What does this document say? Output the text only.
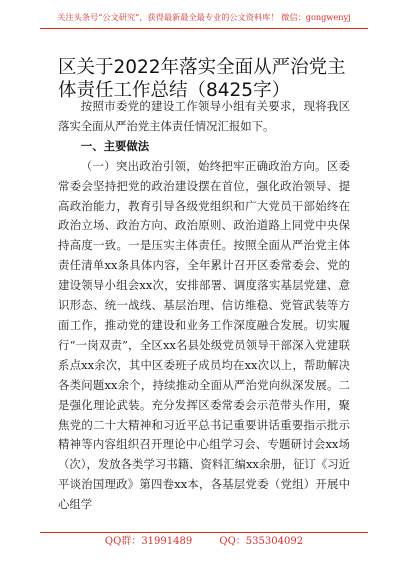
关注头条号“公文研究”，获得最新最全最专业的公文资料库！ 微信：gongwenyj
区关于2022年落实全面从严治党主体责任工作总结（8425字）

按照市委党的建设工作领导小组有关要求，现将我区落实全面从严治党主体责任情况汇报如下。

一、主要做法

（一）突出政治引领，始终把牢正确政治方向。区委常委会坚持把党的政治建设摆在首位，强化政治领导、提高政治能力，教育引导各级党组织和广大党员干部始终在政治立场、政治方向、政治原则、政治道路上同党中央保持高度一致。一是压实主体责任。按照全面从严治党主体责任清单xx条具体内容，全年累计召开区委常委会、党的建设领导小组会xx次，安排部署、调度落实基层党建、意识形态、统一战线、基层治理、信访维稳、党管武装等方面工作，推动党的建设和业务工作深度融合发展。切实履行“一岗双责”，全区xx名县处级党员领导干部深入党建联系点xx余次，其中区委班子成员均在xx次以上，帮助解决各类问题xx余个，持续推动全面从严治党向纵深发展。二是强化理论武装。充分发挥区委常委会示范带头作用，聚焦党的二十大精神和习近平总书记重要讲话重要指示批示精神等内容组织召开理论中心组学习会、专题研讨会xx场（次），发放各类学习书籍、资料汇编xx余册，征订《习近平谈治国理政》第四卷xx本，各基层党委（党组）开展中心组学

QQ群：31991489	QQ：535304092
